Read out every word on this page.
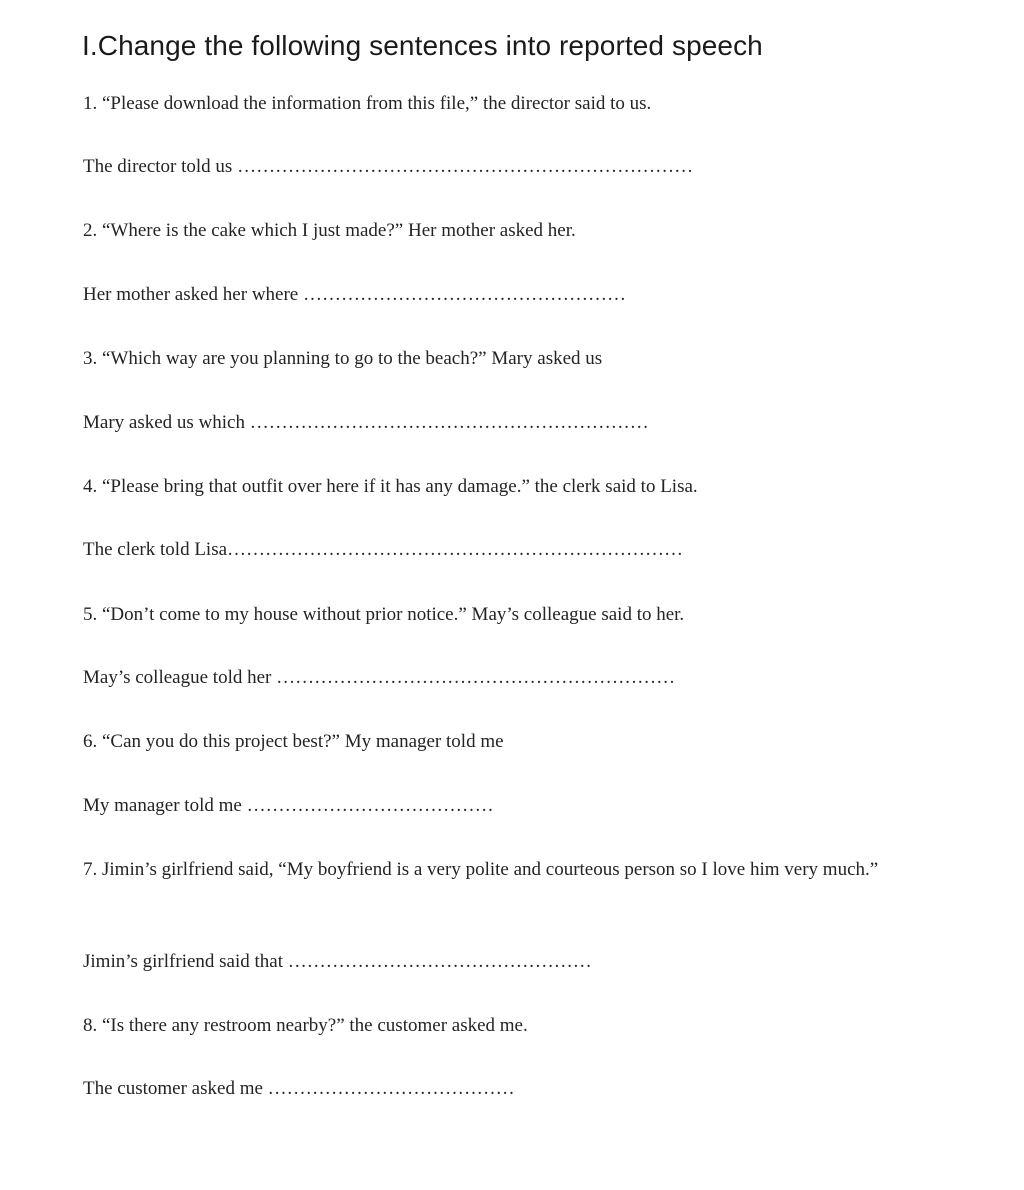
I.Change the following sentences into reported speech
1. “Please download the information from this file,” the director said to us.
The director told us ………………………………………………………………
2. “Where is the cake which I just made?” Her mother asked her.
Her mother asked her where ……………………………………………
3. “Which way are you planning to go to the beach?” Mary asked us
Mary asked us which ………………………………………………………
4. “Please bring that outfit over here if it has any damage.” the clerk said to Lisa.
The clerk told Lisa………………………………………………………………
5. “Don’t come to my house without prior notice.” May’s colleague said to her.
May’s colleague told her ………………………………………………………
6. “Can you do this project best?” My manager told me
My manager told me …………………………………
7. Jimin’s girlfriend said, “My boyfriend is a very polite and courteous person so I love him very much.”
Jimin’s girlfriend said that …………………………………………
8. “Is there any restroom nearby?” the customer asked me.
The customer asked me …………………………………
